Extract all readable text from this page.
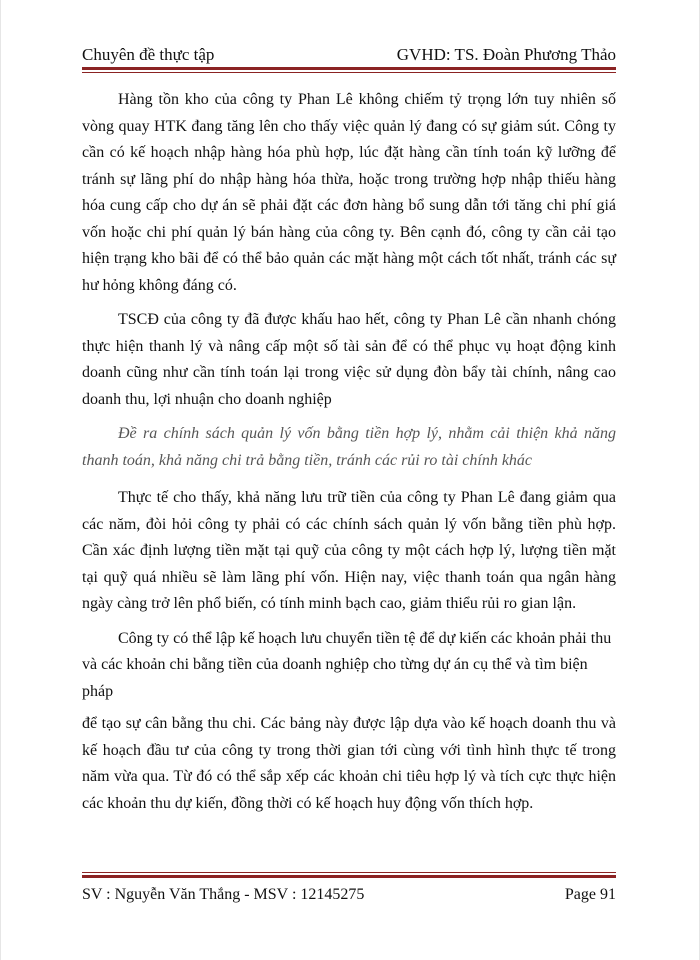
Chuyên đề thực tập	GVHD: TS. Đoàn Phương Thảo

Hàng tồn kho của công ty Phan Lê không chiếm tỷ trọng lớn tuy nhiên số vòng quay HTK đang tăng lên cho thấy việc quản lý đang có sự giảm sút. Công ty cần có kế hoạch nhập hàng hóa phù hợp, lúc đặt hàng cần tính toán kỹ lưỡng để tránh sự lãng phí do nhập hàng hóa thừa, hoặc trong trường hợp nhập thiếu hàng hóa cung cấp cho dự án sẽ phải đặt các đơn hàng bổ sung dẫn tới tăng chi phí giá vốn hoặc chi phí quản lý bán hàng của công ty. Bên cạnh đó, công ty cần cải tạo hiện trạng kho bãi để có thể bảo quản các mặt hàng một cách tốt nhất, tránh các sự hư hỏng không đáng có.

TSCĐ của công ty đã được khấu hao hết, công ty Phan Lê cần nhanh chóng thực hiện thanh lý và nâng cấp một số tài sản để có thể phục vụ hoạt động kinh doanh cũng như cần tính toán lại trong việc sử dụng đòn bẩy tài chính, nâng cao doanh thu, lợi nhuận cho doanh nghiệp

Đề ra chính sách quản lý vốn bằng tiền hợp lý, nhằm cải thiện khả năng thanh toán, khả năng chi trả bằng tiền, tránh các rủi ro tài chính khác

Thực tế cho thấy, khả năng lưu trữ tiền của công ty Phan Lê đang giảm qua các năm, đòi hỏi công ty phải có các chính sách quản lý vốn bằng tiền phù hợp. Cần xác định lượng tiền mặt tại quỹ của công ty một cách hợp lý, lượng tiền mặt tại quỹ quá nhiều sẽ làm lãng phí vốn. Hiện nay, việc thanh toán qua ngân hàng ngày càng trở lên phổ biến, có tính minh bạch cao, giảm thiểu rủi ro gian lận.

Công ty có thể lập kế hoạch lưu chuyển tiền tệ để dự kiến các khoản phải thu và các khoản chi bằng tiền của doanh nghiệp cho từng dự án cụ thể và tìm biện pháp

để tạo sự cân bằng thu chi. Các bảng này được lập dựa vào kế hoạch doanh thu và kế hoạch đầu tư của công ty trong thời gian tới cùng với tình hình thực tế trong năm vừa qua. Từ đó có thể sắp xếp các khoản chi tiêu hợp lý và tích cực thực hiện các khoản thu dự kiến, đồng thời có kế hoạch huy động vốn thích hợp.

SV : Nguyễn Văn Thắng - MSV : 12145275	Page 91
